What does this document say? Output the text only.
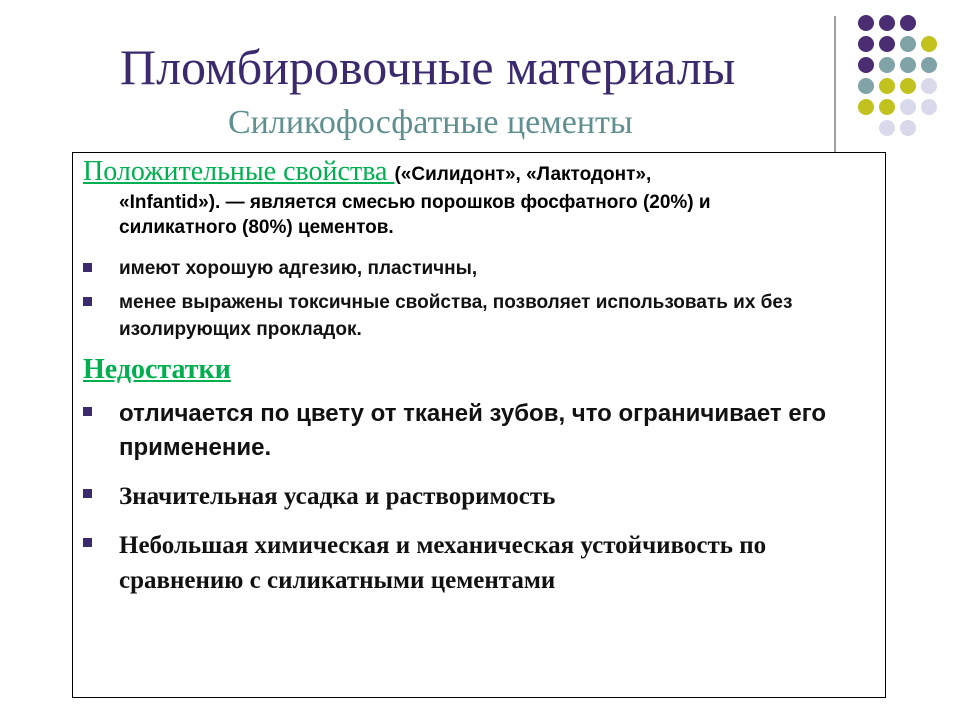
Пломбировочные материалы
Силикофосфатные цементы

Положительные свойства («Силидонт», «Лактодонт»,
«Infantid»). — является смесью порошков фосфатного (20%) и
силикатного (80%) цементов.

имеют хорошую адгезию, пластичны,
менее выражены токсичные свойства, позволяет использовать их без изолирующих прокладок.

Недостатки

отличается по цвету от тканей зубов, что ограничивает его применение.
Значительная усадка и растворимость
Небольшая химическая и механическая устойчивость по сравнению с силикатными цементами
